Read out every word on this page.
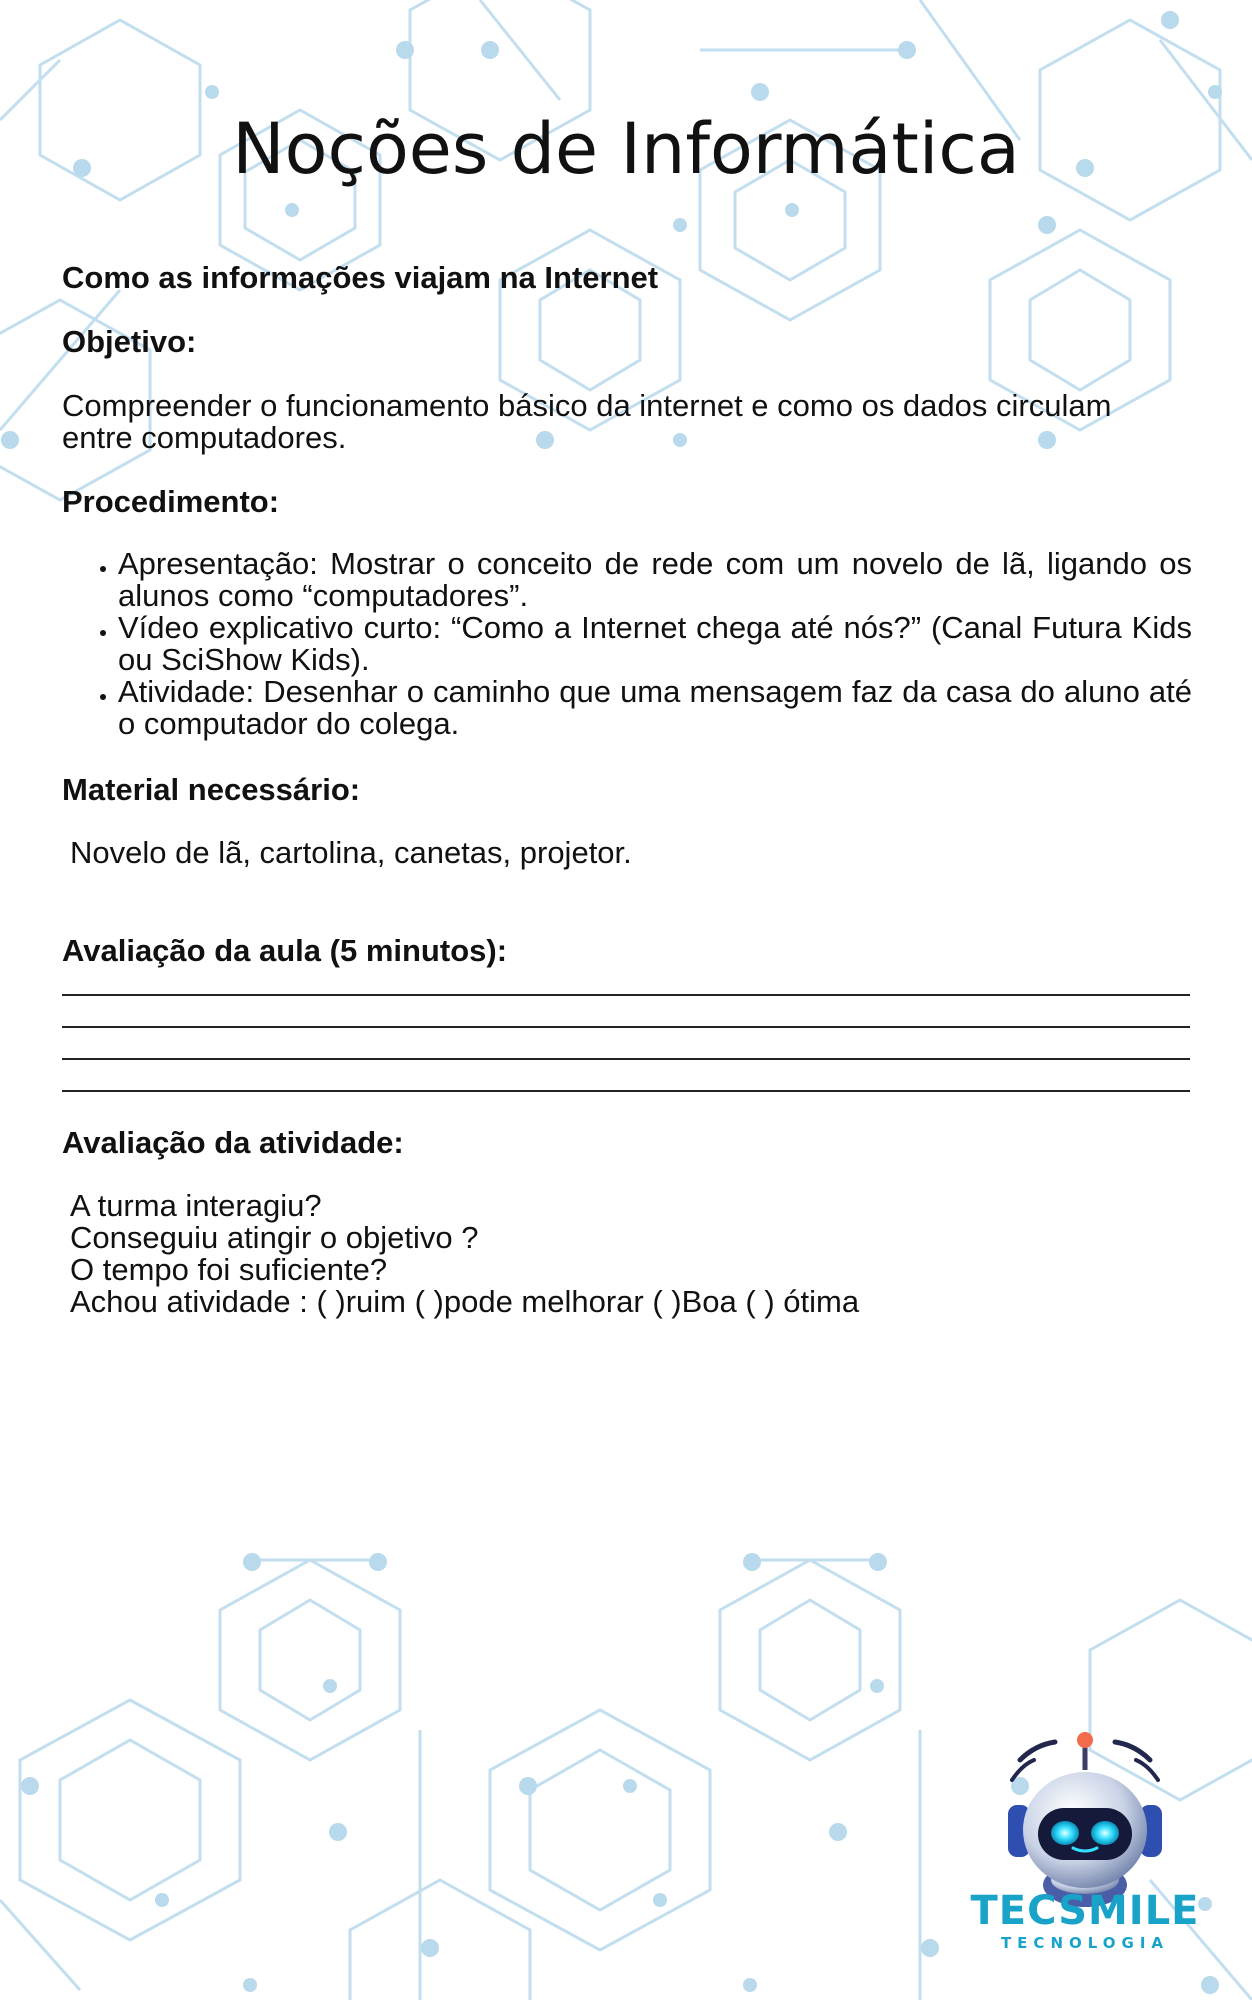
Noções de Informática
Como as informações viajam na Internet
Objetivo:

Compreender o funcionamento básico da internet e como os dados circulam
entre computadores.

Procedimento:
• Apresentação: Mostrar o conceito de rede com um novelo de lã, ligando os alunos como “computadores”.
• Vídeo explicativo curto: “Como a Internet chega até nós?” (Canal Futura Kids ou SciShow Kids).
• Atividade: Desenhar o caminho que uma mensagem faz da casa do aluno até o computador do colega.
Material necessário:

Novelo de lã, cartolina, canetas, projetor.

Avaliação da aula (5 minutos):
Avaliação da atividade:
A turma interagiu?
Conseguiu atingir o objetivo ?
O tempo foi suficiente?
Achou atividade : ( )ruim ( )pode melhorar ( )Boa ( ) ótima
TECSMILE
TECNOLOGIA
